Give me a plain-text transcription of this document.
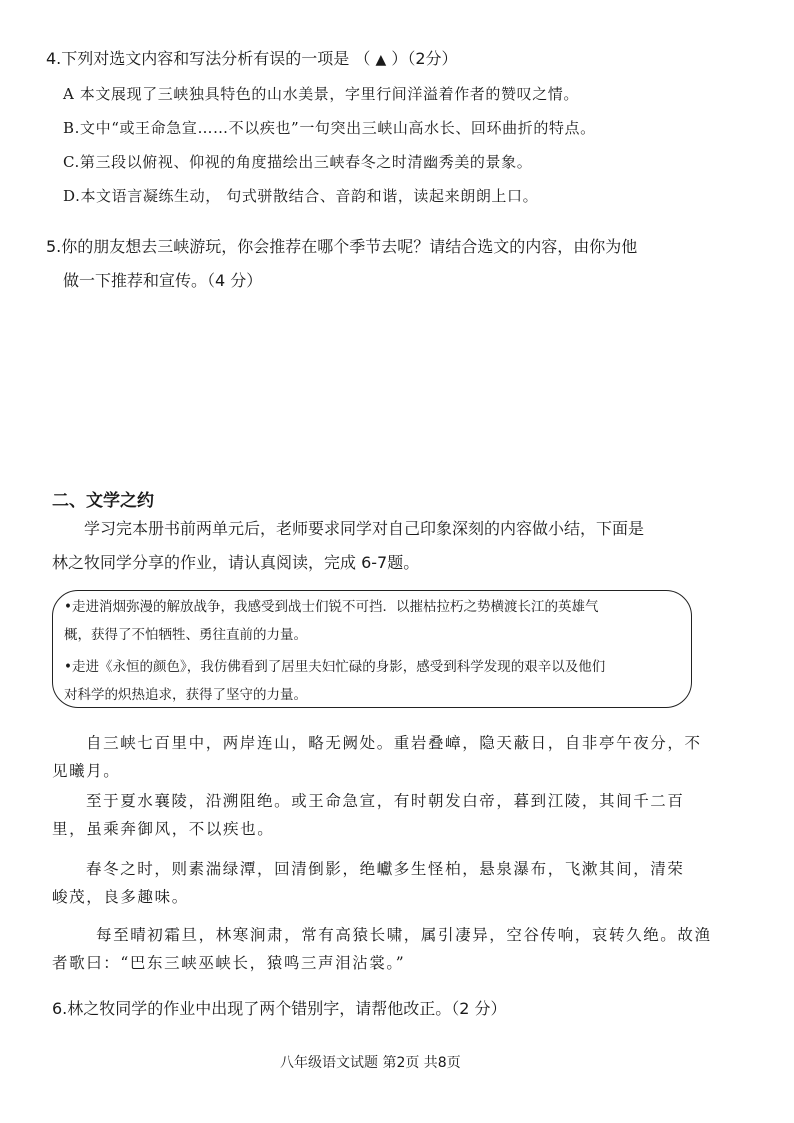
4.下列对选文内容和写法分析有误的一项是 （ ▲ ）（2分）
A 本文展现了三峡独具特色的山水美景，字里行间洋溢着作者的赞叹之情。
B.文中“或王命急宣……不以疾也”一句突出三峡山高水长、回环曲折的特点。
C.第三段以俯视、仰视的角度描绘出三峡春冬之时清幽秀美的景象。
D.本文语言凝练生动， 句式骈散结合、音韵和谐，读起来朗朗上口。
5.你的朋友想去三峡游玩，你会推荐在哪个季节去呢？请结合选文的内容，由你为他
做一下推荐和宣传。（4 分）
二、文学之约
学习完本册书前两单元后，老师要求同学对自己印象深刻的内容做小结，下面是
林之牧同学分享的作业，请认真阅读，完成 6-7题。
•走进消烟弥漫的解放战争，我感受到战士们锐不可挡．以摧枯拉朽之势横渡长江的英雄气
概，获得了不怕牺牲、勇往直前的力量。
•走进《永恒的颜色》，我仿佛看到了居里夫妇忙碌的身影，感受到科学发现的艰辛以及他们
对科学的炽热追求，获得了坚守的力量。
自三峡七百里中，两岸连山，略无阙处。重岩叠嶂，隐天蔽日，自非亭午夜分，不
见曦月。
至于夏水襄陵，沿溯阻绝。或王命急宣，有时朝发白帝，暮到江陵，其间千二百
里，虽乘奔御风，不以疾也。
春冬之时，则素湍绿潭，回清倒影，绝巘多生怪柏，悬泉瀑布，飞漱其间，清荣
峻茂，良多趣味。
每至晴初霜旦，林寒涧肃，常有高猿长啸，属引凄异，空谷传响，哀转久绝。故渔
者歌曰：“巴东三峡巫峡长，猿鸣三声泪沾裳。”
6.林之牧同学的作业中出现了两个错别字，请帮他改正。（2 分）
八年级语文试题 第2页 共8页
